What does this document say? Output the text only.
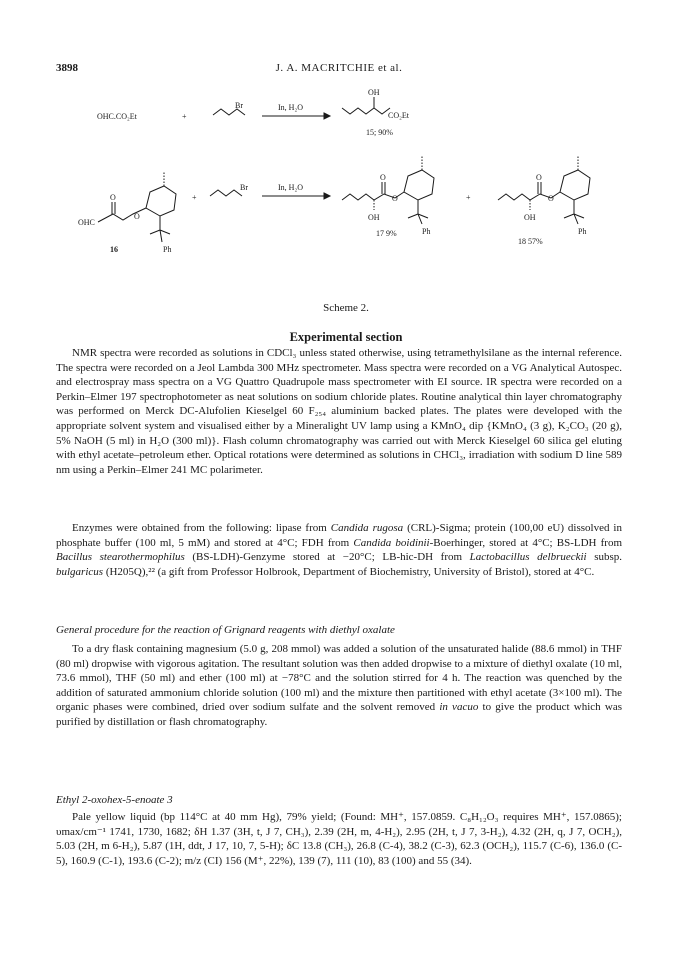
3898	J. A. MACRITCHIE et al.
OHC.CO₂Et	+
Br	In, H₂O
OH
CO₂Et
15; 90%
OHC
O
O
Ph
16
+
Br	In, H₂O
O
O
OH
Ph
17 9%
+
O
O
OH
Ph
18 57%
Scheme 2.
Experimental section

NMR spectra were recorded as solutions in CDCl₃ unless stated otherwise, using tetramethylsilane as the internal reference. The spectra were recorded on a Jeol Lambda 300 MHz spectrometer. Mass spectra were recorded on a VG Analytical Autospec. and electrospray mass spectra on a VG Quattro Quadrupole mass spectrometer with EI source. IR spectra were recorded on a Perkin–Elmer 197 spectrophotometer as neat solutions on sodium chloride plates. Routine analytical thin layer chromatography was performed on Merck DC-Alufolien Kieselgel 60 F₂₅₄ aluminium backed plates. The plates were developed with the appropriate solvent system and visualised either by a Mineralight UV lamp using a KMnO₄ dip {KMnO₄ (3 g), K₂CO₃ (20 g), 5% NaOH (5 ml) in H₂O (300 ml)}. Flash column chromatography was carried out with Merck Kieselgel 60 silica gel eluting with ethyl acetate–petroleum ether. Optical rotations were determined as solutions in CHCl₃, irradiation with sodium D line 589 nm using a Perkin–Elmer 241 MC polarimeter.

Enzymes were obtained from the following: lipase from Candida rugosa (CRL)-Sigma; protein (100,00 eU) dissolved in phosphate buffer (100 ml, 5 mM) and stored at 4°C; FDH from Candida boidinii-Boerhinger, stored at 4°C; BS-LDH from Bacillus stearothermophilus (BS-LDH)-Genzyme stored at −20°C; LB-hic-DH from Lactobacillus delbrueckii subsp. bulgaricus (H205Q),²² (a gift from Professor Holbrook, Department of Biochemistry, University of Bristol), stored at 4°C.

General procedure for the reaction of Grignard reagents with diethyl oxalate

To a dry flask containing magnesium (5.0 g, 208 mmol) was added a solution of the unsaturated halide (88.6 mmol) in THF (80 ml) dropwise with vigorous agitation. The resultant solution was then added dropwise to a mixture of diethyl oxalate (10 ml, 73.6 mmol), THF (50 ml) and ether (100 ml) at −78°C and the solution stirred for 4 h. The reaction was quenched by the addition of saturated ammonium chloride solution (100 ml) and the mixture then partitioned with ethyl acetate (3×100 ml). The organic phases were combined, dried over sodium sulfate and the solvent removed in vacuo to give the product which was purified by distillation or flash chromatography.

Ethyl 2-oxohex-5-enoate 3

Pale yellow liquid (bp 114°C at 40 mm Hg), 79% yield; (Found: MH⁺, 157.0859. C₈H₁₂O₃ requires MH⁺, 157.0865); υmax/cm⁻¹ 1741, 1730, 1682; δH 1.37 (3H, t, J 7, CH₃), 2.39 (2H, m, 4-H₂), 2.95 (2H, t, J 7, 3-H₂), 4.32 (2H, q, J 7, OCH₂), 5.03 (2H, m 6-H₂), 5.87 (1H, ddt, J 17, 10, 7, 5-H); δC 13.8 (CH₃), 26.8 (C-4), 38.2 (C-3), 62.3 (OCH₂), 115.7 (C-6), 136.0 (C-5), 160.9 (C-1), 193.6 (C-2); m/z (CI) 156 (M⁺, 22%), 139 (7), 111 (10), 83 (100) and 55 (34).
